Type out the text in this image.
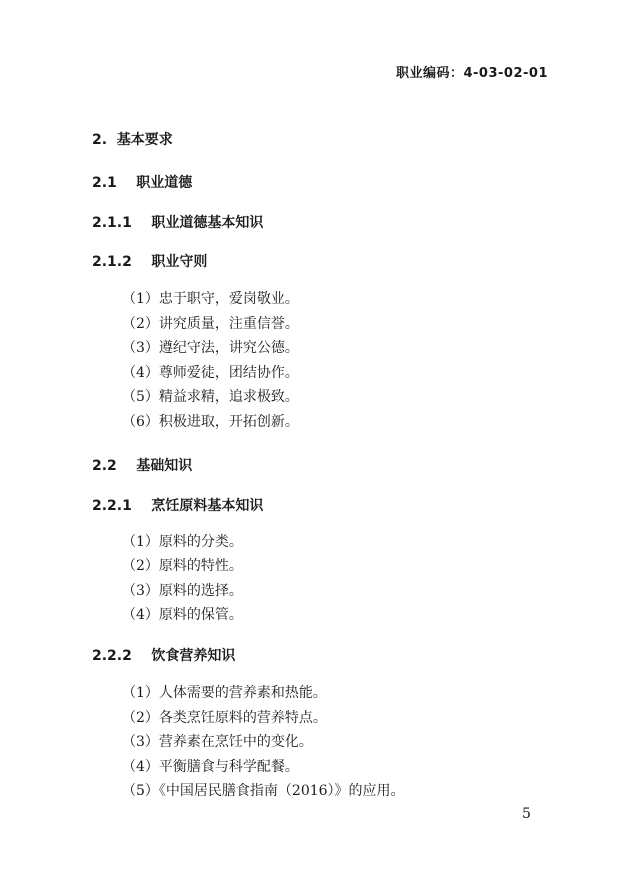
职业编码：4-03-02-01
2.  基本要求
2.1    职业道德
2.1.1    职业道德基本知识
2.1.2    职业守则
（1）忠于职守，爱岗敬业。
（2）讲究质量，注重信誉。
（3）遵纪守法，讲究公德。
（4）尊师爱徒，团结协作。
（5）精益求精，追求极致。
（6）积极进取，开拓创新。
2.2    基础知识
2.2.1    烹饪原料基本知识
（1）原料的分类。
（2）原料的特性。
（3）原料的选择。
（4）原料的保管。
2.2.2    饮食营养知识
（1）人体需要的营养素和热能。
（2）各类烹饪原料的营养特点。
（3）营养素在烹饪中的变化。
（4）平衡膳食与科学配餐。
（5）《中国居民膳食指南（2016）》的应用。
5
